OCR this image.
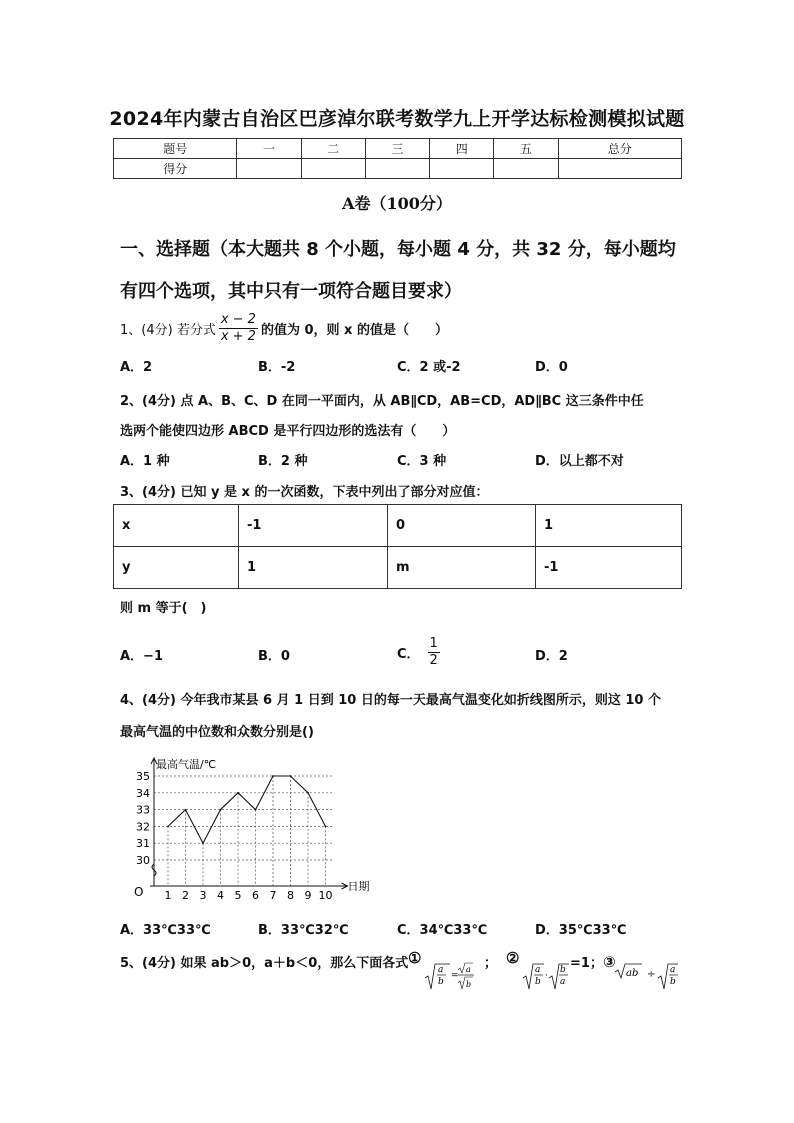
2024年内蒙古自治区巴彦淖尔联考数学九上开学达标检测模拟试题
题号	一	二	三	四	五	总分
得分						
A卷（100分）
一、选择题（本大题共 8 个小题，每小题 4 分，共 32 分，每小题均
有四个选项，其中只有一项符合题目要求）
1、(4分) 若分式 $\frac{x - 2}{x + 2}$ 的值为 0，则 x 的值是（　　）
A．2	B．-2	C．2 或-2	D．0
2、(4分) 点 A、B、C、D 在同一平面内，从 AB∥CD，AB=CD，AD∥BC 这三条件中任
选两个能使四边形 ABCD 是平行四边形的选法有（　　）
A．1 种	B．2 种	C．3 种	D．以上都不对
3、(4分) 已知 y 是 x 的一次函数，下表中列出了部分对应值：
x	-1	0	1
y	1	m	-1
则 m 等于(　)
A．−1	B．0	C． $\frac{1}{2}$	D．2
4、(4分) 今年我市某县 6 月 1 日到 10 日的每一天最高气温变化如折线图所示，则这 10 个
最高气温的中位数和众数分别是()
30
31
32
33
34
35
1 2 3 4 5 6 7 8 9 10
O
最高气温/℃
日期
A．33℃33℃	B．33℃32℃	C．34℃33℃	D．35℃33℃
5、(4分) 如果 ab＞0，a＋b＜0，那么下面各式 ①
a
b
=
a
b
； ②
a
b
·
b
a
=1；③
ab ÷ a
b
